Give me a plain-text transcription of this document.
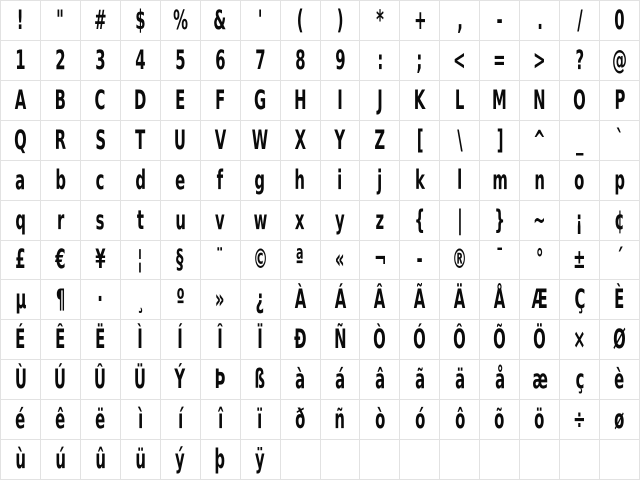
! " # $ % & ' ( ) * + , - . / 0
1 2 3 4 5 6 7 8 9 : ; < = > ? @
A B C D E F G H I J K L M N O P
Q R S T U V W X Y Z [ \ ] ^ _ `
a b c d e f g h i j k l m n o p
q r s t u v w x y z { | } ~ ¡ ¢
£ € ¥ ¦ § ¨ © ª « ¬ - ® ¯ ° ± ´
µ ¶ · ¸ º » ¿ À Á Â Ã Ä Å Æ Ç È
É Ê Ë Ì Í Î Ï Ð Ñ Ò Ó Ô Õ Ö × Ø
Ù Ú Û Ü Ý Þ ß à á â ã ä å æ ç è
é ê ë ì í î ï ð ñ ò ó ô õ ö ÷ ø
ù ú û ü ý þ ÿ
